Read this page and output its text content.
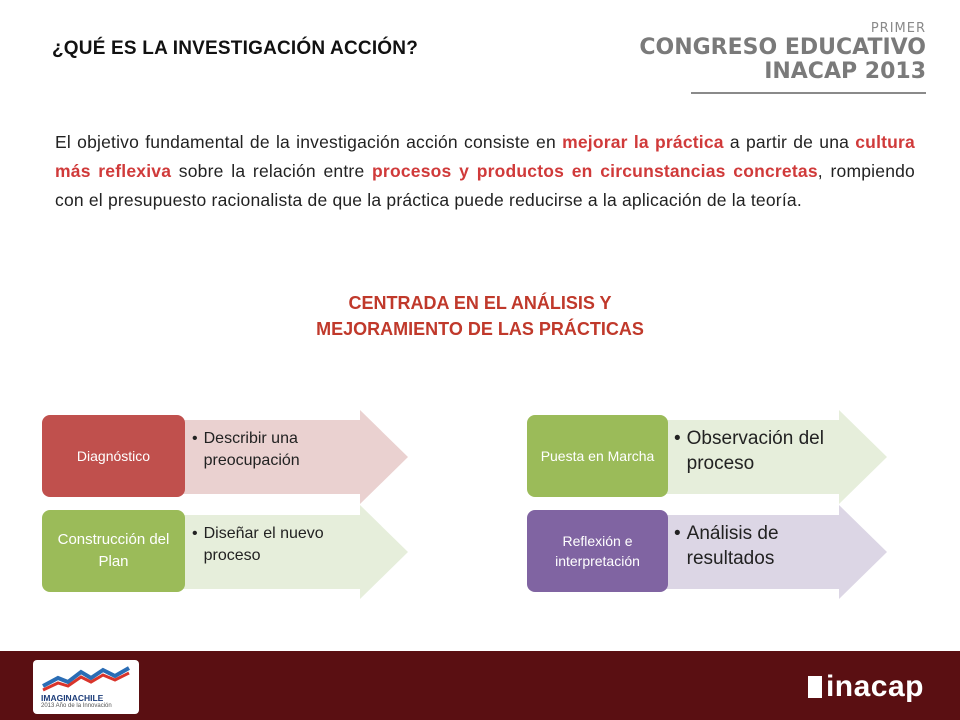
¿QUÉ ES LA INVESTIGACIÓN ACCIÓN?
PRIMER
CONGRESO EDUCATIVO
INACAP 2013
El objetivo fundamental de la investigación acción consiste en mejorar la práctica a partir de una cultura más reflexiva sobre la relación entre procesos y productos en circunstancias concretas, rompiendo con el presupuesto racionalista de que la práctica puede reducirse a la aplicación de la teoría.
CENTRADA EN EL ANÁLISIS Y
MEJORAMIENTO DE LAS PRÁCTICAS
Diagnóstico
• Describir una preocupación
Construcción del Plan
• Diseñar el nuevo proceso
Puesta en Marcha
• Observación del proceso
Reflexión e interpretación
• Análisis de resultados
IMAGINACHILE
2013 Año de la Innovación
inacap
